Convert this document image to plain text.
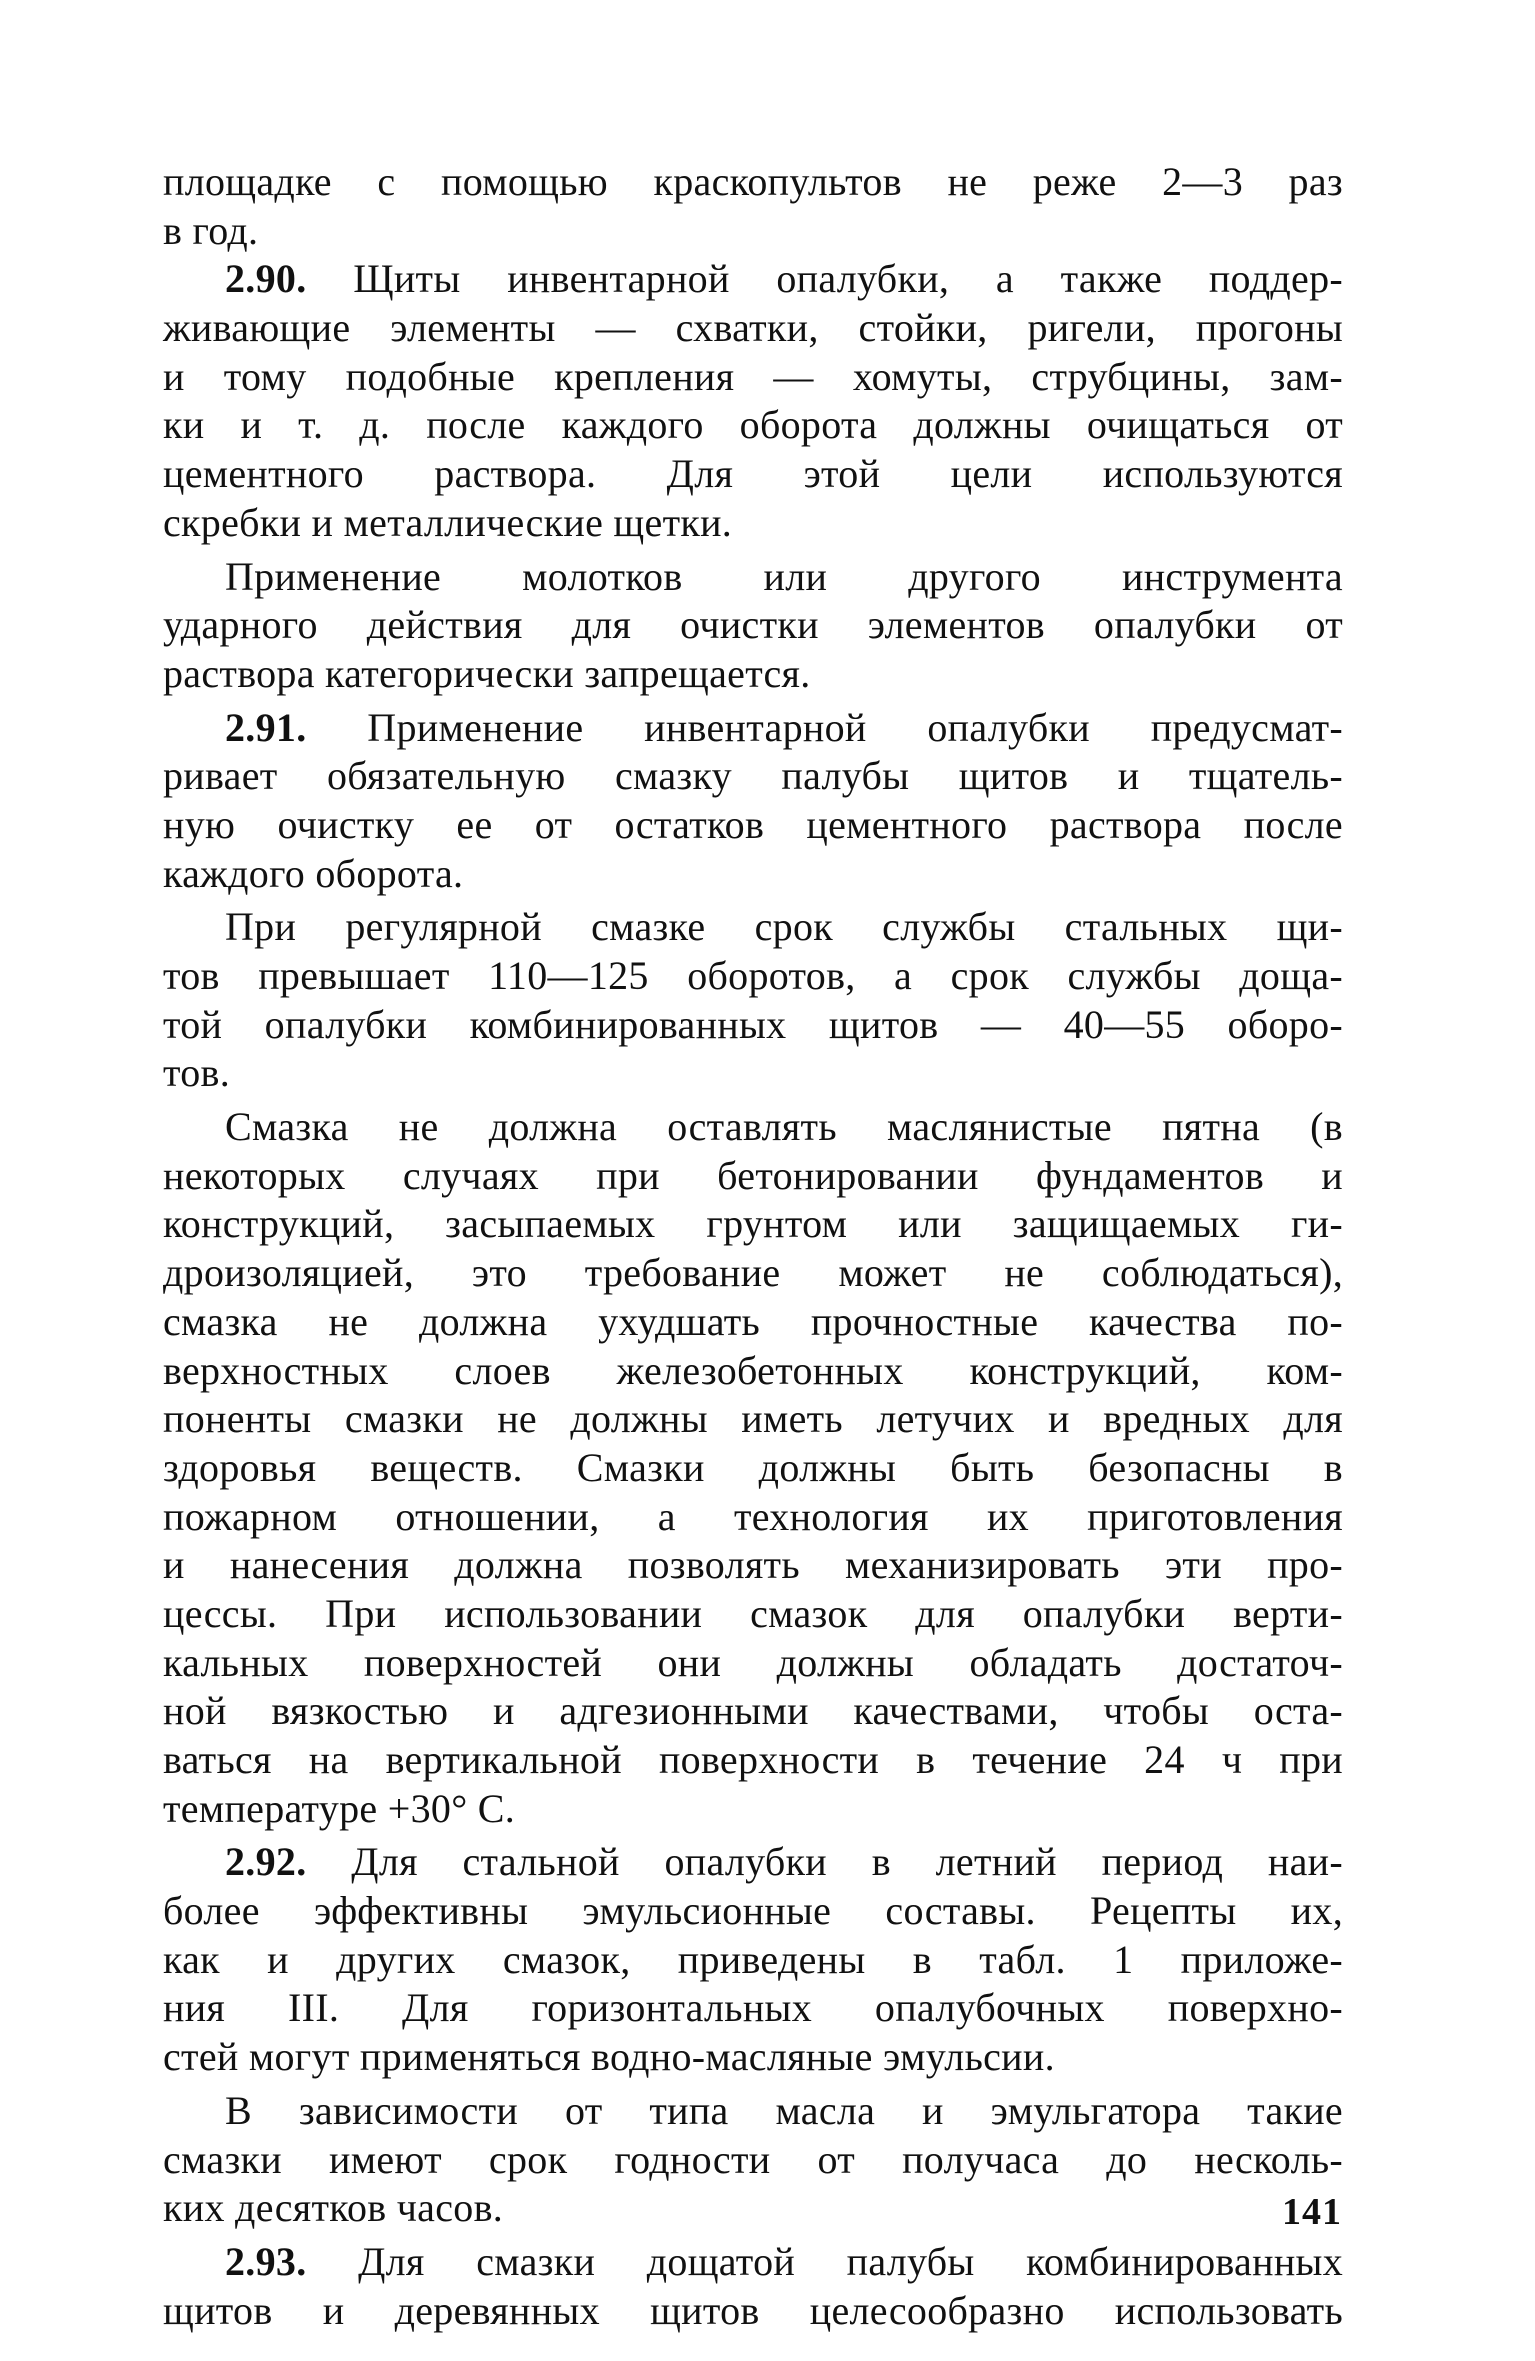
площадке с помощью краскопультов не реже 2—3 раз
в год.
2.90. Щиты инвентарной опалубки, а также поддер-
живающие элементы — схватки, стойки, ригели, прогоны
и тому подобные крепления — хомуты, струбцины, зам-
ки и т. д. после каждого оборота должны очищаться от
цементного раствора. Для этой цели используются
скребки и металлические щетки.
Применение молотков или другого инструмента
ударного действия для очистки элементов опалубки от
раствора категорически запрещается.
2.91. Применение инвентарной опалубки предусмат-
ривает обязательную смазку палубы щитов и тщатель-
ную очистку ее от остатков цементного раствора после
каждого оборота.
При регулярной смазке срок службы стальных щи-
тов превышает 110—125 оборотов, а срок службы доща-
той опалубки комбинированных щитов — 40—55 оборо-
тов.
Смазка не должна оставлять маслянистые пятна (в
некоторых случаях при бетонировании фундаментов и
конструкций, засыпаемых грунтом или защищаемых ги-
дроизоляцией, это требование может не соблюдаться),
смазка не должна ухудшать прочностные качества по-
верхностных слоев железобетонных конструкций, ком-
поненты смазки не должны иметь летучих и вредных для
здоровья веществ. Смазки должны быть безопасны в
пожарном отношении, а технология их приготовления
и нанесения должна позволять механизировать эти про-
цессы. При использовании смазок для опалубки верти-
кальных поверхностей они должны обладать достаточ-
ной вязкостью и адгезионными качествами, чтобы оста-
ваться на вертикальной поверхности в течение 24 ч при
температуре +30° С.
2.92. Для стальной опалубки в летний период наи-
более эффективны эмульсионные составы. Рецепты их,
как и других смазок, приведены в табл. 1 приложе-
ния III. Для горизонтальных опалубочных поверхно-
стей могут применяться водно-масляные эмульсии.
В зависимости от типа масла и эмульгатора такие
смазки имеют срок годности от получаса до несколь-
ких десятков часов.
2.93. Для смазки дощатой палубы комбинированных
щитов и деревянных щитов целесообразно использовать
141
